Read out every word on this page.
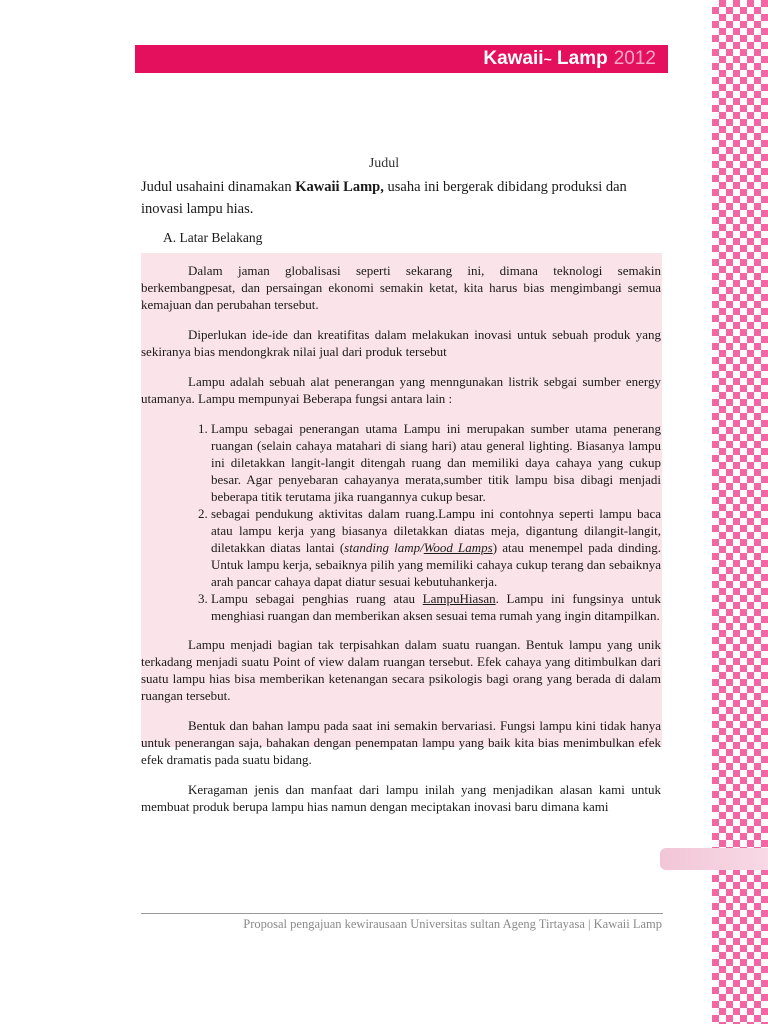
Kawaii~ Lamp 2012
Judul
Judul usahaini dinamakan Kawaii Lamp, usaha ini bergerak dibidang produksi dan inovasi lampu hias.
A. Latar Belakang

Dalam jaman globalisasi seperti sekarang ini, dimana teknologi semakin berkembangpesat, dan persaingan ekonomi semakin ketat, kita harus bias mengimbangi semua kemajuan dan perubahan tersebut.

Diperlukan ide-ide dan kreatifitas dalam melakukan inovasi untuk sebuah produk yang sekiranya bias mendongkrak nilai jual dari produk tersebut

Lampu adalah sebuah alat penerangan yang menngunakan listrik sebgai sumber energy utamanya. Lampu mempunyai Beberapa fungsi antara lain :

1. Lampu sebagai penerangan utama Lampu ini merupakan sumber utama penerang ruangan (selain cahaya matahari di siang hari) atau general lighting. Biasanya lampu ini diletakkan langit-langit ditengah ruang dan memiliki daya cahaya yang cukup besar. Agar penyebaran cahayanya merata,sumber titik lampu bisa dibagi menjadi beberapa titik terutama jika ruangannya cukup besar.
2. sebagai pendukung aktivitas dalam ruang.Lampu ini contohnya seperti lampu baca atau lampu kerja yang biasanya diletakkan diatas meja, digantung dilangit-langit, diletakkan diatas lantai (standing lamp/Wood Lamps) atau menempel pada dinding. Untuk lampu kerja, sebaiknya pilih yang memiliki cahaya cukup terang dan sebaiknya arah pancar cahaya dapat diatur sesuai kebutuhankerja.
3. Lampu sebagai penghias ruang atau LampuHiasan. Lampu ini fungsinya untuk menghiasi ruangan dan memberikan aksen sesuai tema rumah yang ingin ditampilkan.

Lampu menjadi bagian tak terpisahkan dalam suatu ruangan. Bentuk lampu yang unik terkadang menjadi suatu Point of view dalam ruangan tersebut. Efek cahaya yang ditimbulkan dari suatu lampu hias bisa memberikan ketenangan secara psikologis bagi orang yang berada di dalam ruangan tersebut.

Bentuk dan bahan lampu pada saat ini semakin bervariasi. Fungsi lampu kini tidak hanya untuk penerangan saja, bahakan dengan penempatan lampu yang baik kita bias menimbulkan efek efek dramatis pada suatu bidang.

Keragaman jenis dan manfaat dari lampu inilah yang menjadikan alasan kami untuk membuat produk berupa lampu hias namun dengan meciptakan inovasi baru dimana kami

Proposal pengajuan kewirausaan Universitas sultan Ageng Tirtayasa | Kawaii Lamp
